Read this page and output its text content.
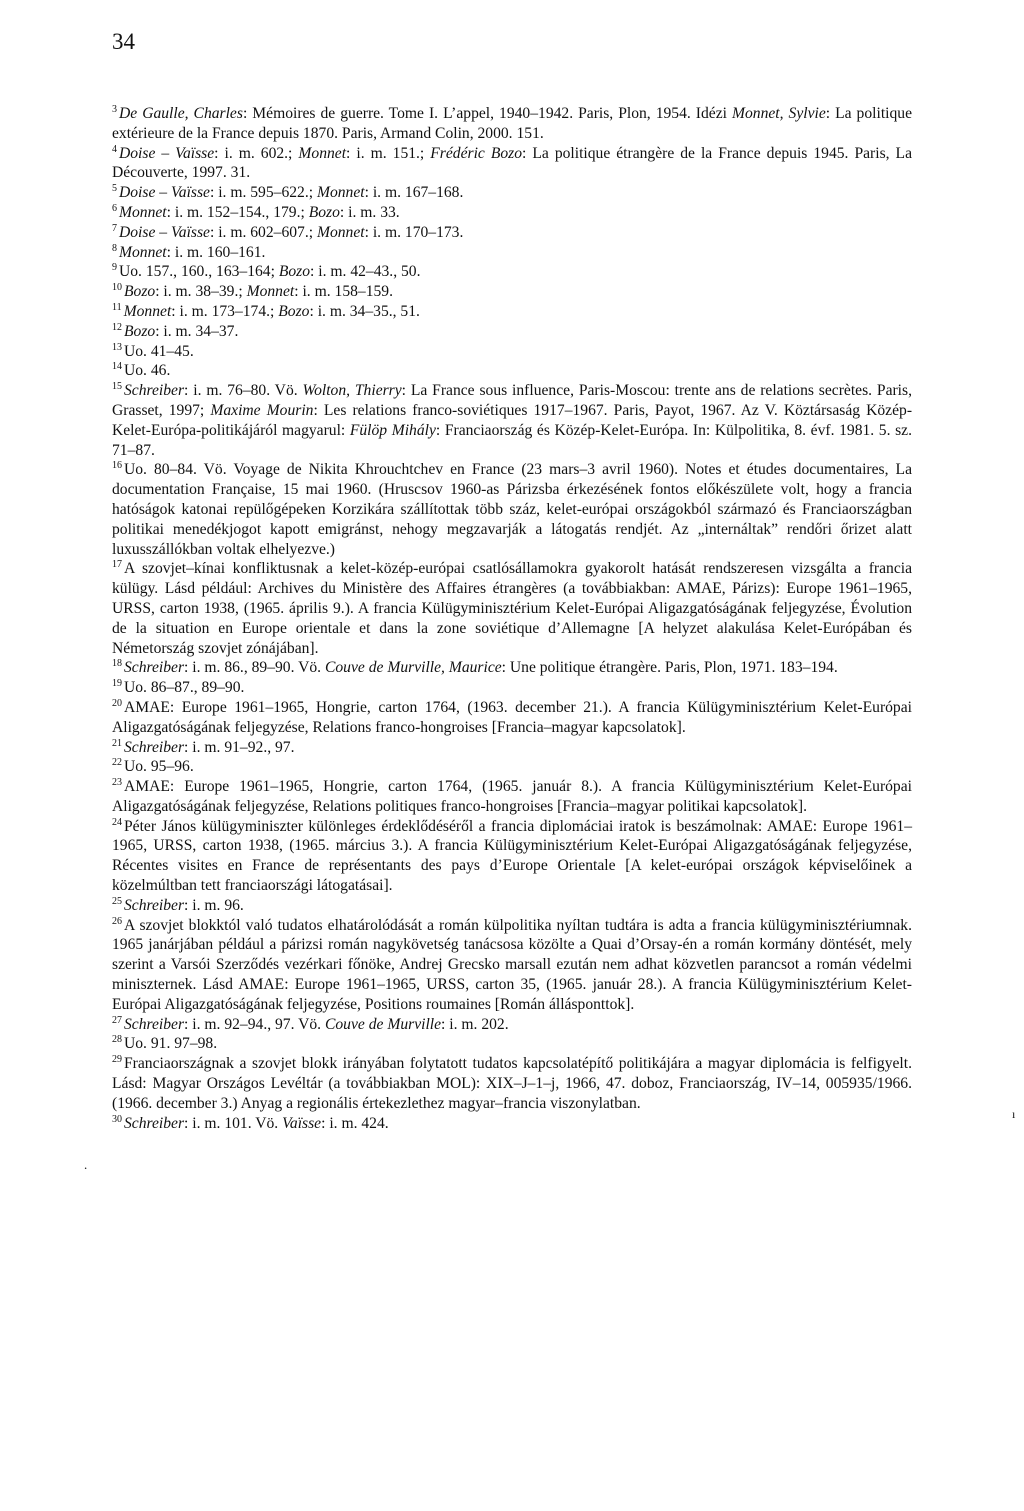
34

$^3$ De Gaulle, Charles: Mémoires de guerre. Tome I. L’appel, 1940–1942. Paris, Plon, 1954. Idézi Monnet, Sylvie: La politique extérieure de la France depuis 1870. Paris, Armand Colin, 2000. 151.

$^4$ Doise – Vaïsse: i. m. 602.; Monnet: i. m. 151.; Frédéric Bozo: La politique étrangère de la France depuis 1945. Paris, La Découverte, 1997. 31.

$^5$ Doise – Vaïsse: i. m. 595–622.; Monnet: i. m. 167–168.

$^6$ Monnet: i. m. 152–154., 179.; Bozo: i. m. 33.

$^7$ Doise – Vaïsse: i. m. 602–607.; Monnet: i. m. 170–173.

$^8$ Monnet: i. m. 160–161.

$^9$ Uo. 157., 160., 163–164; Bozo: i. m. 42–43., 50.

$^{10}$ Bozo: i. m. 38–39.; Monnet: i. m. 158–159.

$^{11}$ Monnet: i. m. 173–174.; Bozo: i. m. 34–35., 51.

$^{12}$ Bozo: i. m. 34–37.

$^{13}$ Uo. 41–45.

$^{14}$ Uo. 46.

$^{15}$ Schreiber: i. m. 76–80. Vö. Wolton, Thierry: La France sous influence, Paris-Moscou: trente ans de relations secrètes. Paris, Grasset, 1997; Maxime Mourin: Les relations franco-soviétiques 1917–1967. Paris, Payot, 1967. Az V. Köztársaság Közép-Kelet-Európa-politikájáról magyarul: Fülöp Mihály: Franciaország és Közép-Kelet-Európa. In: Külpolitika, 8. évf. 1981. 5. sz. 71–87.

$^{16}$ Uo. 80–84. Vö. Voyage de Nikita Khrouchtchev en France (23 mars–3 avril 1960). Notes et études documentaires, La documentation Française, 15 mai 1960. (Hruscsov 1960-as Párizsba érkezésének fontos előkészülete volt, hogy a francia hatóságok katonai repülőgépeken Korzikára szállítottak több száz, kelet-európai országokból származó és Franciaországban politikai menedékjogot kapott emigránst, nehogy megzavarják a látogatás rendjét. Az „internáltak” rendőri őrizet alatt luxusszállókban voltak elhelyezve.)

$^{17}$ A szovjet–kínai konfliktusnak a kelet-közép-európai csatlósállamokra gyakorolt hatását rendszeresen vizsgálta a francia külügy. Lásd például: Archives du Ministère des Affaires étrangères (a továbbiakban: AMAE, Párizs): Europe 1961–1965, URSS, carton 1938, (1965. április 9.). A francia Külügyminisztérium Kelet-Európai Aligazgatóságának feljegyzése, Évolution de la situation en Europe orientale et dans la zone soviétique d’Allemagne [A helyzet alakulása Kelet-Európában és Németország szovjet zónájában].

$^{18}$ Schreiber: i. m. 86., 89–90. Vö. Couve de Murville, Maurice: Une politique étrangère. Paris, Plon, 1971. 183–194.

$^{19}$ Uo. 86–87., 89–90.

$^{20}$ AMAE: Europe 1961–1965, Hongrie, carton 1764, (1963. december 21.). A francia Külügyminisztérium Kelet-Európai Aligazgatóságának feljegyzése, Relations franco-hongroises [Francia–magyar kapcsolatok].

$^{21}$ Schreiber: i. m. 91–92., 97.

$^{22}$ Uo. 95–96.

$^{23}$ AMAE: Europe 1961–1965, Hongrie, carton 1764, (1965. január 8.). A francia Külügyminisztérium Kelet-Európai Aligazgatóságának feljegyzése, Relations politiques franco-hongroises [Francia–magyar politikai kapcsolatok].

$^{24}$ Péter János külügyminiszter különleges érdeklődéséről a francia diplomáciai iratok is beszámolnak: AMAE: Europe 1961–1965, URSS, carton 1938, (1965. március 3.). A francia Külügyminisztérium Kelet-Európai Aligazgatóságának feljegyzése, Récentes visites en France de représentants des pays d’Europe Orientale [A kelet-európai országok képviselőinek a közelmúltban tett franciaországi látogatásai].

$^{25}$ Schreiber: i. m. 96.

$^{26}$ A szovjet blokktól való tudatos elhatárolódását a román külpolitika nyíltan tudtára is adta a francia külügyminisztériumnak. 1965 janárjában például a párizsi román nagykövetség tanácsosa közölte a Quai d’Orsay-én a román kormány döntését, mely szerint a Varsói Szerződés vezérkari főnöke, Andrej Grecsko marsall ezután nem adhat közvetlen parancsot a román védelmi miniszternek. Lásd AMAE: Europe 1961–1965, URSS, carton 35, (1965. január 28.). A francia Külügyminisztérium Kelet-Európai Aligazgatóságának feljegyzése, Positions roumaines [Román állásponttok].

$^{27}$ Schreiber: i. m. 92–94., 97. Vö. Couve de Murville: i. m. 202.

$^{28}$ Uo. 91. 97–98.

$^{29}$ Franciaországnak a szovjet blokk irányában folytatott tudatos kapcsolatépítő politikájára a magyar diplomácia is felfigyelt. Lásd: Magyar Országos Levéltár (a továbbiakban MOL): XIX–J–1–j, 1966, 47. doboz, Franciaország, IV–14, 005935/1966. (1966. december 3.) Anyag a regionális értekezlethez magyar–francia viszonylatban.

$^{30}$ Schreiber: i. m. 101. Vö. Vaïsse: i. m. 424.

ı
.
